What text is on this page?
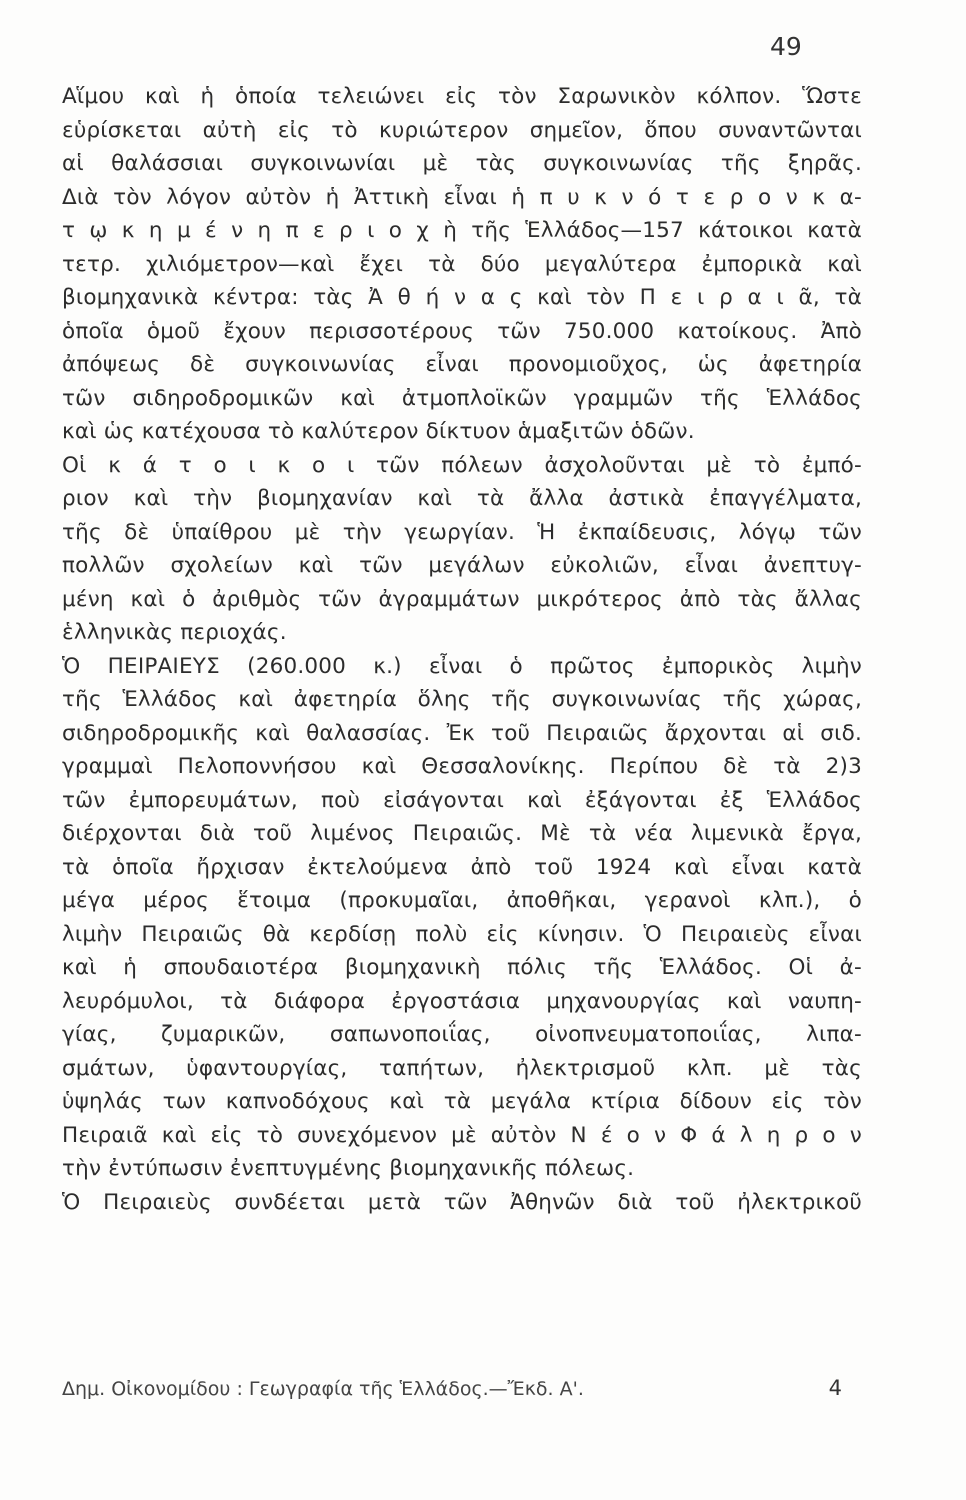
49
Αἵμου καὶ ἡ ὁποία τελειώνει εἰς τὸν Σαρωνικὸν κόλπον. Ὥστε
εὑρίσκεται αὐτὴ εἰς τὸ κυριώτερον σημεῖον, ὅπου συναντῶνται
αἱ θαλάσσιαι συγκοινωνίαι μὲ τὰς συγκοινωνίας τῆς ξηρᾶς.
Διὰ τὸν λόγον αὐτὸν ἡ Ἀττικὴ εἶναι ἡ π υ κ ν ό τ ε ρ ο ν κ α-
τ ῳ κ η μ έ ν η π ε ρ ι ο χ ὴ τῆς Ἑλλάδος—157 κάτοικοι κατὰ
τετρ. χιλιόμετρον—καὶ ἔχει τὰ δύο μεγαλύτερα ἐμπορικὰ καὶ
βιομηχανικὰ κέντρα: τὰς Ἀ θ ή ν α ς καὶ τὸν Π ε ι ρ α ι ᾶ, τὰ
ὁποῖα ὁμοῦ ἔχουν περισσοτέρους τῶν 750.000 κατοίκους. Ἀπὸ
ἀπόψεως δὲ συγκοινωνίας εἶναι προνομιοῦχος, ὡς ἀφετηρία
τῶν σιδηροδρομικῶν καὶ ἀτμοπλοϊκῶν γραμμῶν τῆς Ἑλλάδος
καὶ ὡς κατέχουσα τὸ καλύτερον δίκτυον ἁμαξιτῶν ὁδῶν.
Οἱ κ ά τ ο ι κ ο ι τῶν πόλεων ἀσχολοῦνται μὲ τὸ ἐμπό-
ριον καὶ τὴν βιομηχανίαν καὶ τὰ ἄλλα ἀστικὰ ἐπαγγέλματα,
τῆς δὲ ὑπαίθρου μὲ τὴν γεωργίαν. Ἡ ἐκπαίδευσις, λόγῳ τῶν
πολλῶν σχολείων καὶ τῶν μεγάλων εὐκολιῶν, εἶναι ἀνεπτυγ-
μένη καὶ ὁ ἀριθμὸς τῶν ἀγραμμάτων μικρότερος ἀπὸ τὰς ἄλλας
ἑλληνικὰς περιοχάς.
Ὁ ΠΕΙΡΑΙΕΥΣ (260.000 κ.) εἶναι ὁ πρῶτος ἐμπορικὸς λιμὴν
τῆς Ἑλλάδος καὶ ἀφετηρία ὅλης τῆς συγκοινωνίας τῆς χώρας,
σιδηροδρομικῆς καὶ θαλασσίας. Ἐκ τοῦ Πειραιῶς ἄρχονται αἱ σιδ.
γραμμαὶ Πελοποννήσου καὶ Θεσσαλονίκης. Περίπου δὲ τὰ 2)3
τῶν ἐμπορευμάτων, ποὺ εἰσάγονται καὶ ἐξάγονται ἐξ Ἑλλάδος
διέρχονται διὰ τοῦ λιμένος Πειραιῶς. Μὲ τὰ νέα λιμενικὰ ἔργα,
τὰ ὁποῖα ἤρχισαν ἐκτελούμενα ἀπὸ τοῦ 1924 καὶ εἶναι κατὰ
μέγα μέρος ἕτοιμα (προκυμαῖαι, ἀποθῆκαι, γερανοὶ κλπ.), ὁ
λιμὴν Πειραιῶς θὰ κερδίσῃ πολὺ εἰς κίνησιν. Ὁ Πειραιεὺς εἶναι
καὶ ἡ σπουδαιοτέρα βιομηχανικὴ πόλις τῆς Ἑλλάδος. Οἱ ἀ-
λευρόμυλοι, τὰ διάφορα ἐργοστάσια μηχανουργίας καὶ ναυπη-
γίας, ζυμαρικῶν, σαπωνοποιΐας, οἰνοπνευματοποιΐας, λιπα-
σμάτων, ὑφαντουργίας, ταπήτων, ἠλεκτρισμοῦ κλπ. μὲ τὰς
ὑψηλάς των καπνοδόχους καὶ τὰ μεγάλα κτίρια δίδουν εἰς τὸν
Πειραιᾶ καὶ εἰς τὸ συνεχόμενον μὲ αὐτὸν Ν έ ο ν Φ ά λ η ρ ο ν
τὴν ἐντύπωσιν ἐνεπτυγμένης βιομηχανικῆς πόλεως.
Ὁ Πειραιεὺς συνδέεται μετὰ τῶν Ἀθηνῶν διὰ τοῦ ἠλεκτρικοῦ
Δημ. Οἰκονομίδου : Γεωγραφία τῆς Ἑλλάδος.—Ἔκδ. Α'.	4
